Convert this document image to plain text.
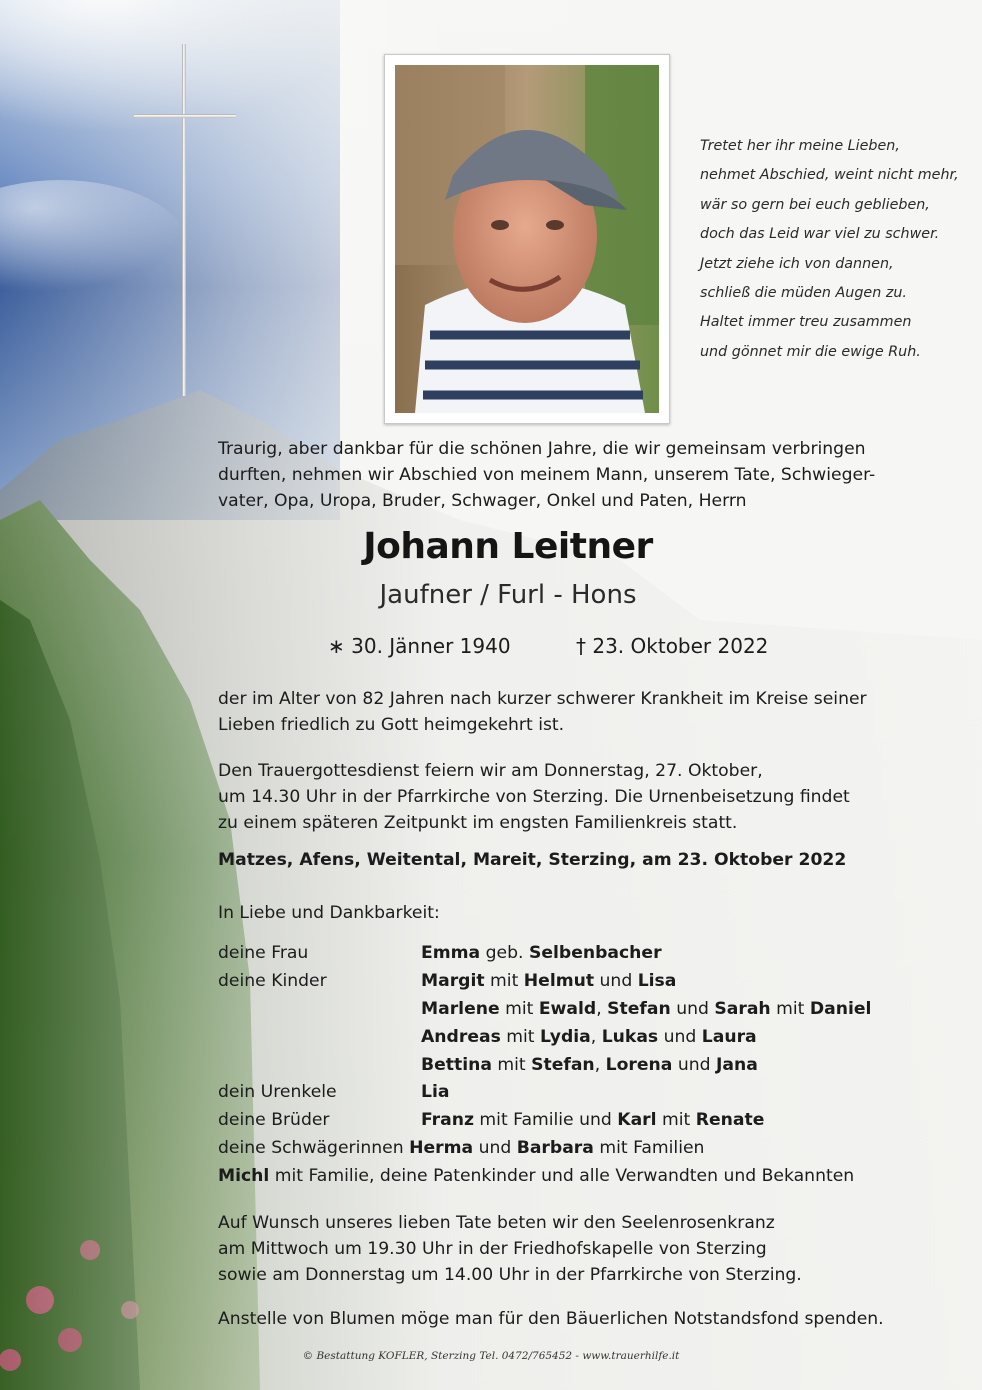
Tretet her ihr meine Lieben,
nehmet Abschied, weint nicht mehr,
wär so gern bei euch geblieben,
doch das Leid war viel zu schwer.
Jetzt ziehe ich von dannen,
schließ die müden Augen zu.
Haltet immer treu zusammen
und gönnet mir die ewige Ruh.
Traurig, aber dankbar für die schönen Jahre, die wir gemeinsam verbringen
durften, nehmen wir Abschied von meinem Mann, unserem Tate, Schwieger-
vater, Opa, Uropa, Bruder, Schwager, Onkel und Paten, Herrn
Johann Leitner
Jaufner / Furl - Hons
∗ 30. Jänner 1940	† 23. Oktober 2022
der im Alter von 82 Jahren nach kurzer schwerer Krankheit im Kreise seiner
Lieben friedlich zu Gott heimgekehrt ist.
Den Trauergottesdienst feiern wir am Donnerstag, 27. Oktober,
um 14.30 Uhr in der Pfarrkirche von Sterzing. Die Urnenbeisetzung findet
zu einem späteren Zeitpunkt im engsten Familienkreis statt.
Matzes, Afens, Weitental, Mareit, Sterzing, am 23. Oktober 2022
In Liebe und Dankbarkeit:
deine Frau	Emma geb. Selbenbacher
deine Kinder	Margit mit Helmut und Lisa
Marlene mit Ewald, Stefan und Sarah mit Daniel
Andreas mit Lydia, Lukas und Laura
Bettina mit Stefan, Lorena und Jana
dein Urenkele	Lia
deine Brüder	Franz mit Familie und Karl mit Renate
deine Schwägerinnen Herma und Barbara mit Familien
Michl mit Familie, deine Patenkinder und alle Verwandten und Bekannten
Auf Wunsch unseres lieben Tate beten wir den Seelenrosenkranz
am Mittwoch um 19.30 Uhr in der Friedhofskapelle von Sterzing
sowie am Donnerstag um 14.00 Uhr in der Pfarrkirche von Sterzing.
Anstelle von Blumen möge man für den Bäuerlichen Notstandsfond spenden.
© Bestattung KOFLER, Sterzing Tel. 0472/765452 - www.trauerhilfe.it
